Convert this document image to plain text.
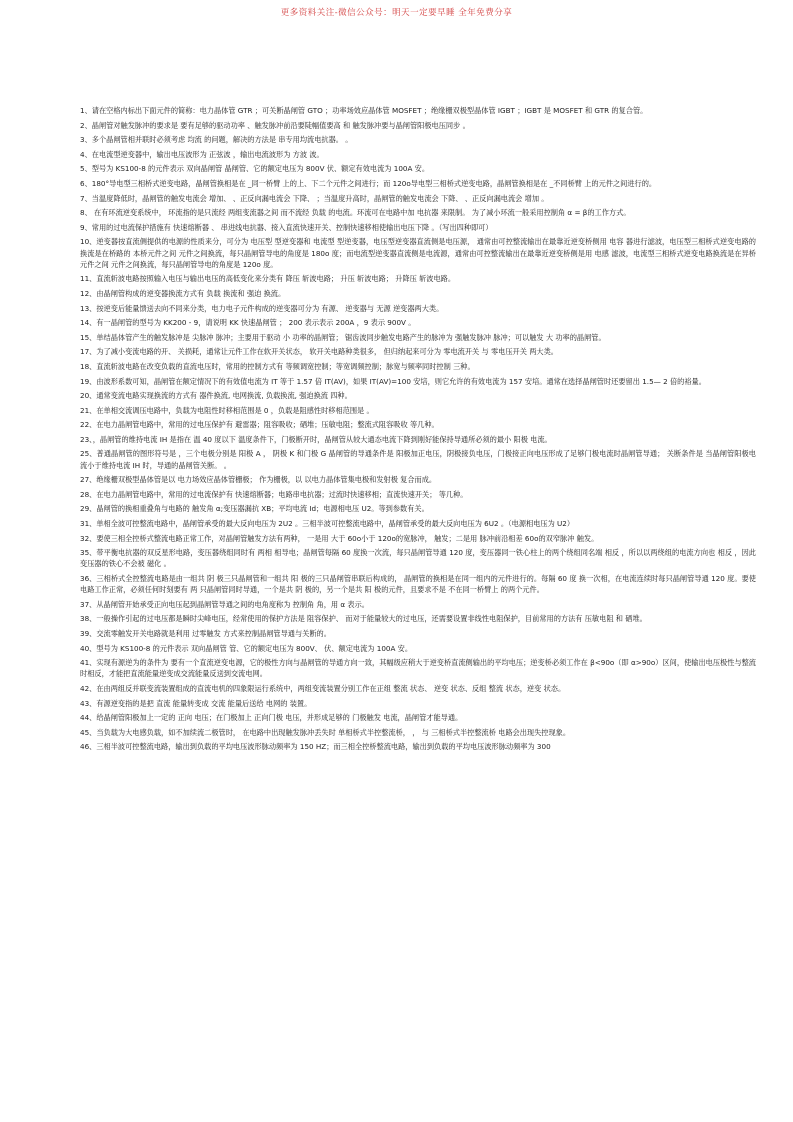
更多资料关注-微信公众号：明天一定要早睡 全年免费分享

1、请在空格内标出下面元件的简称：电力晶体管 GTR ；可关断晶闸管 GTO ；功率场效应晶体管 MOSFET ；绝缘栅双极型晶体管 IGBT ；IGBT 是 MOSFET 和 GTR 的复合管。

2、晶闸管对触发脉冲的要求是 要有足够的驱动功率 、触发脉冲前沿要陡幅值要高 和 触发脉冲要与晶闸管阳极电压同步 。

3、多个晶闸管相并联时必须考虑 均流 的问题，解决的方法是 串专用均流电抗器。 。

4、在电流型逆变器中，输出电压波形为 正弦波 ，输出电流波形为 方波 波。

5、型号为 KS100-8 的元件表示 双向晶闸管 晶闸管、它的额定电压为 800V 伏、额定有效电流为 100A 安。

6、180°导电型三相桥式逆变电路，晶闸管换相是在 _同一桥臂 上的上、下二个元件之间进行；而 120o导电型三相桥式逆变电路，晶闸管换相是在 _不同桥臂 上的元件之间进行的。

7、当温度降低时，晶闸管的触发电流会 增加、 、正反向漏电流会 下降、 ；当温度升高时，晶闸管的触发电流会 下降、 、正反向漏电流会 增加 。

8、 在有环流逆变系统中， 环流指的是只流经 两组变流器之间 而不流经 负载 的电流。环流可在电路中加 电抗器 来限制。 为了减小环流一般采用控制角 α = β的工作方式。

9、常用的过电流保护措施有 快速熔断器 、 串进线电抗器、接入直流快速开关、控制快速移相使输出电压下降 。（写出四种即可）

10、逆变器按直流侧提供的电源的性质来分，可分为 电压型 型逆变器和 电流型 型逆变器，电压型逆变器直流侧是电压源， 通常由可控整流输出在最靠近逆变桥侧用 电容 器进行滤波，电压型三相桥式逆变电路的换流是在桥路的 本桥元件之间 元件之间换流，每只晶闸管导电的角度是 180o 度；而电流型逆变器直流侧是电流源，通常由可控整流输出在最靠近逆变桥侧是用 电感 滤波，电流型三相桥式逆变电路换流是在异桥元件之间 元件之间换流，每只晶闸管导电的角度是 120o 度。

11、直流斩波电路按照输入电压与输出电压的高低变化来分类有 降压 斩波电路； 升压 斩波电路； 升降压 斩波电路。

12、由晶闸管构成的逆变器换流方式有 负载 换流和 强迫 换流。

13、按逆变后能量馈送去向不同来分类，电力电子元件构成的逆变器可分为 有源、 逆变器与 无源 逆变器两大类。

14、有一晶闸管的型号为 KK200 - 9，请说明 KK 快速晶闸管 ； 200 表示表示 200A ，9 表示 900V 。

15、单结晶体管产生的触发脉冲是 尖脉冲 脉冲；主要用于驱动 小 功率的晶闸管； 锯齿波同步触发电路产生的脉冲为 强触发脉冲 脉冲；可以触发 大 功率的晶闸管。

17、为了减小变流电路的开、 关损耗，通常让元件工作在软开关状态， 软开关电路种类很多， 但归纳起来可分为 零电流开关 与 零电压开关 两大类。

18、直流斩波电路在改变负载的直流电压时，常用的控制方式有 等频调宽控制；等宽调频控制；脉宽与频率同时控制 三种。

19、由波形系数可知，晶闸管在额定情况下的有效值电流为 IT 等于 1.57 倍 IT(AV)，如果 IT(AV)=100 安培，则它允许的有效电流为 157 安培。通常在选择晶闸管时还要留出 1.5— 2 倍的裕量。

20、通常变流电路实现换流的方式有 器件换流, 电网换流, 负载换流, 强迫换流 四种。

21、在单相交流调压电路中，负载为电阻性时移相范围是 0 ，负载是阻感性时移相范围是 。

22、在电力晶闸管电路中，常用的过电压保护有 避雷器；阻容吸收；硒堆；压敏电阻；整流式阻容吸收 等几种。

23、，晶闸管的维持电流 IH 是指在 温 40 度以下 温度条件下，门极断开时，晶闸管从较大通态电流下降到刚好能保持导通所必须的最小 阳极 电流。

25、普通晶闸管的图形符号是 ，三个电极分别是 阳极 A ， 阴极 K 和门极 G 晶闸管的导通条件是 阳极加正电压，阴极接负电压，门极接正向电压形成了足够门极电流时晶闸管导通； 关断条件是 当晶闸管阳极电流小于维持电流 IH 时，导通的晶闸管关断。 。

27、绝缘栅双极型晶体管是以 电力场效应晶体管栅极； 作为栅极，以 以电力晶体管集电极和发射极 复合而成。

28、在电力晶闸管电路中，常用的过电流保护有 快速熔断器；电路串电抗器；过流时快速移相；直流快速开关； 等几种。

29、晶闸管的换相重叠角与电路的 触发角 α;变压器漏抗 XB；平均电流 Id；电源相电压 U2。等到参数有关。

31、单相全波可控整流电路中，晶闸管承受的最大反向电压为 2U2 。三相半波可控整流电路中，晶闸管承受的最大反向电压为 6U2 。（电源相电压为 U2）

32、要使三相全控桥式整流电路正常工作，对晶闸管触发方法有两种， 一是用 大于 60o小于 120o的宽脉冲， 触发；二是用 脉冲前沿相差 60o的双窄脉冲 触发。

35、带平衡电抗器的双反星形电路，变压器绕组同时有 两相 相导电；晶闸管每隔 60 度换一次流，每只晶闸管导通 120 度，变压器同一铁心柱上的两个绕组同名端 相反 ，所以以两绕组的电流方向也 相反 ，因此变压器的铁心不会被 磁化 。

36、三相桥式全控整流电路是由一组共 阴 极三只晶闸管和一组共 阳 极的三只晶闸管串联后构成的， 晶闸管的换相是在同一组内的元件进行的。每隔 60 度 换一次相，在电流连续时每只晶闸管导通 120 度。要使电路工作正常，必须任何时刻要有 两 只晶闸管同时导通，一个是共 阴 极的，另一个是共 阳 极的元件，且要求不是 不在同一桥臂上 的两个元件。

37、从晶闸管开始承受正向电压起到晶闸管导通之间的电角度称为 控制角 角，用 α 表示。

38、一般操作引起的过电压都是瞬时尖峰电压，经常使用的保护方法是 阻容保护、 而对于能量较大的过电压，还需要设置非线性电阻保护，目前常用的方法有 压敏电阻 和 硒堆。

39、交流零触发开关电路就是利用 过零触发 方式来控制晶闸管导通与关断的。

40、型号为 KS100-8 的元件表示 双向晶闸管 管、它的额定电压为 800V、 伏、额定电流为 100A 安。

41、实现有源逆为的条件为 要有一个直流逆变电源，它的极性方向与晶闸管的导通方向一致，其幅级应稍大于逆变桥直流侧输出的平均电压；逆变桥必须工作在 β<90o（即 α>90o）区间，使输出电压极性与整流时相反，才能把直流能量逆变成交流能量反送到交流电网。

42、在由两组反并联变流装置组成的直流电机的四象限运行系统中，两组变流装置分别工作在正组 整流 状态、 逆变 状态、反组 整流 状态，逆变 状态。

43、有源逆变指的是把 直流 能量转变成 交流 能量后送给 电网的 装置。

44、给晶闸管阳极加上一定的 正向 电压；在门极加上 正向门极 电压，并形成足够的 门极触发 电流，晶闸管才能导通。

45、当负载为大电感负载，如不加续流二极管时， 在电路中出现触发脉冲丢失时 单相桥式半控整流桥， ， 与 三相桥式半控整流桥 电路会出现失控现象。

46、三相半波可控整流电路，输出到负载的平均电压波形脉动频率为 150 HZ；而三相全控桥整流电路，输出到负载的平均电压波形脉动频率为 300
